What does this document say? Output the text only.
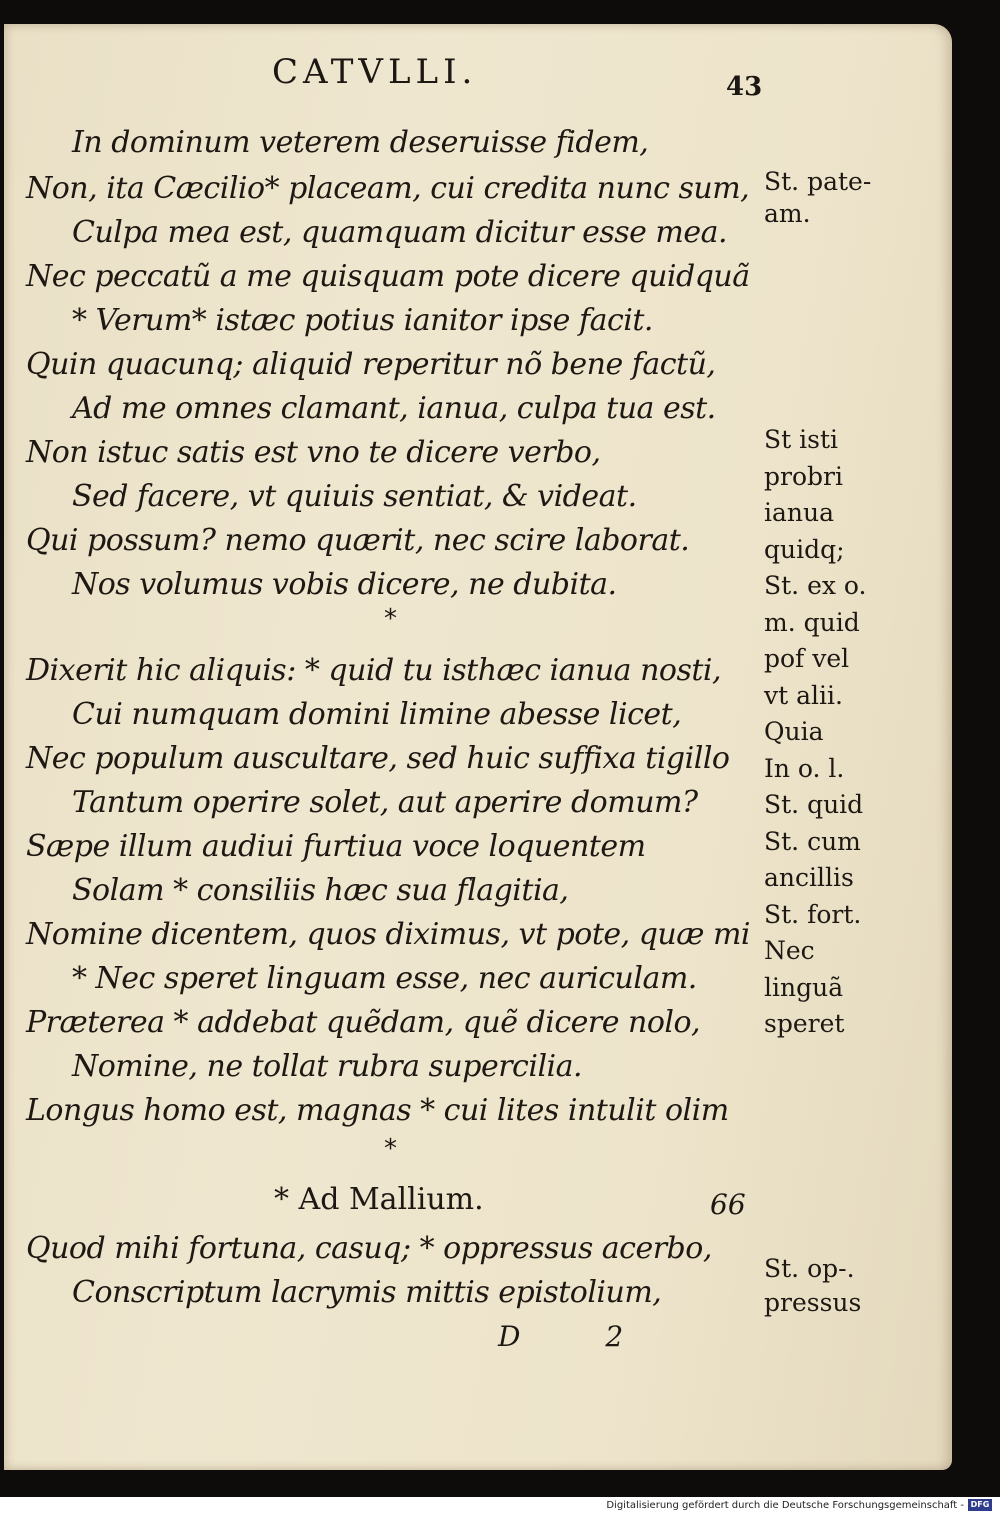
CATVLLI.	43
In dominum veterem deseruisse fidem,
Non, ita Cæcilio* placeam, cui credita nunc sum,
Culpa mea est, quamquam dicitur esse mea.
Nec peccatũ a me quisquam pote dicere quidquã
* Verum* istæc potius ianitor ipse facit.
Quin quacunq; aliquid reperitur nõ bene factũ,
Ad me omnes clamant, ianua, culpa tua est.
Non istuc satis est vno te dicere verbo,
Sed facere, vt quiuis sentiat, & videat.
Qui possum? nemo quærit, nec scire laborat.
Nos volumus vobis dicere, ne dubita.
*
Dixerit hic aliquis: * quid tu isthæc ianua nosti,
Cui numquam domini limine abesse licet,
Nec populum auscultare, sed huic suffixa tigillo
Tantum operire solet, aut aperire domum?
Sæpe illum audiui furtiua voce loquentem
Solam * consiliis hæc sua flagitia,
Nomine dicentem, quos diximus, vt pote, quæ mi
* Nec speret linguam esse, nec auriculam.
Præterea * addebat quẽdam, quẽ dicere nolo,
Nomine, ne tollat rubra supercilia.
Longus homo est, magnas * cui lites intulit olim
*
* Ad Mallium.	66
Quod mihi fortuna, casuq; * oppressus acerbo,
Conscriptum lacrymis mittis epistolium,
D 2
St. pate-
am.
St isti
probri
ianua
quidq;
St. ex o.
m. quid
pof vel
vt alii.
Quia
In o. l.
St. quid
St. cum
ancillis
St. fort.
Nec
linguã
speret
St. op-.
pressus
Digitalisierung gefördert durch die Deutsche Forschungsgemeinschaft - DFG
